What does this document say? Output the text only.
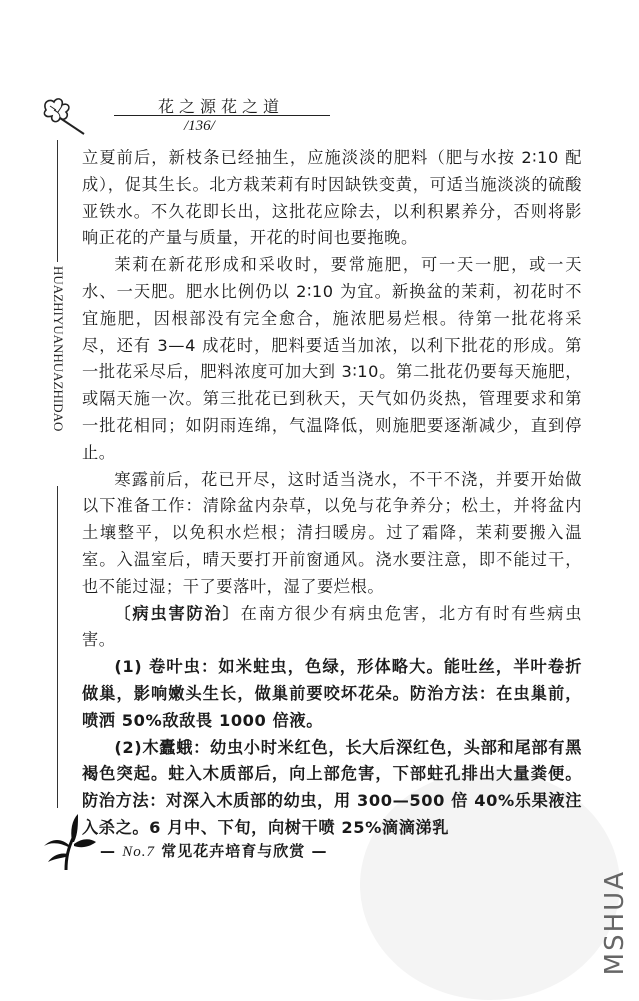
花之源花之道
/136/
HUAZHIYUANHUAZHIDAO

立夏前后，新枝条已经抽生，应施淡淡的肥料（肥与水按 2∶10 配成），促其生长。北方栽茉莉有时因缺铁变黄，可适当施淡淡的硫酸亚铁水。不久花即长出，这批花应除去，以利积累养分，否则将影响正花的产量与质量，开花的时间也要拖晚。

茉莉在新花形成和采收时，要常施肥，可一天一肥，或一天水、一天肥。肥水比例仍以 2∶10 为宜。新换盆的茉莉，初花时不宜施肥，因根部没有完全愈合，施浓肥易烂根。待第一批花将采尽，还有 3—4 成花时，肥料要适当加浓，以利下批花的形成。第一批花采尽后，肥料浓度可加大到 3∶10。第二批花仍要每天施肥，或隔天施一次。第三批花已到秋天，天气如仍炎热，管理要求和第一批花相同；如阴雨连绵，气温降低，则施肥要逐渐减少，直到停止。

寒露前后，花已开尽，这时适当浇水，不干不浇，并要开始做以下准备工作：清除盆内杂草，以免与花争养分；松土，并将盆内土壤整平，以免积水烂根；清扫暖房。过了霜降，茉莉要搬入温室。入温室后，晴天要打开前窗通风。浇水要注意，即不能过干，也不能过湿；干了要落叶，湿了要烂根。

〔病虫害防治〕在南方很少有病虫危害，北方有时有些病虫害。

(1) 卷叶虫：如米蛀虫，色绿，形体略大。能吐丝，半叶卷折做巢，影响嫩头生长，做巢前要咬坏花朵。防治方法：在虫巢前，喷洒 50%敌敌畏 1000 倍液。

(2)木蠹蛾：幼虫小时米红色，长大后深红色，头部和尾部有黑褐色突起。蛀入木质部后，向上部危害，下部蛀孔排出大量粪便。防治方法：对深入木质部的幼虫，用 300—500 倍 40%乐果液注入杀之。6 月中、下旬，向树干喷 25%滴滴涕乳

— No.7 常见花卉培育与欣赏 —
MSHUA
